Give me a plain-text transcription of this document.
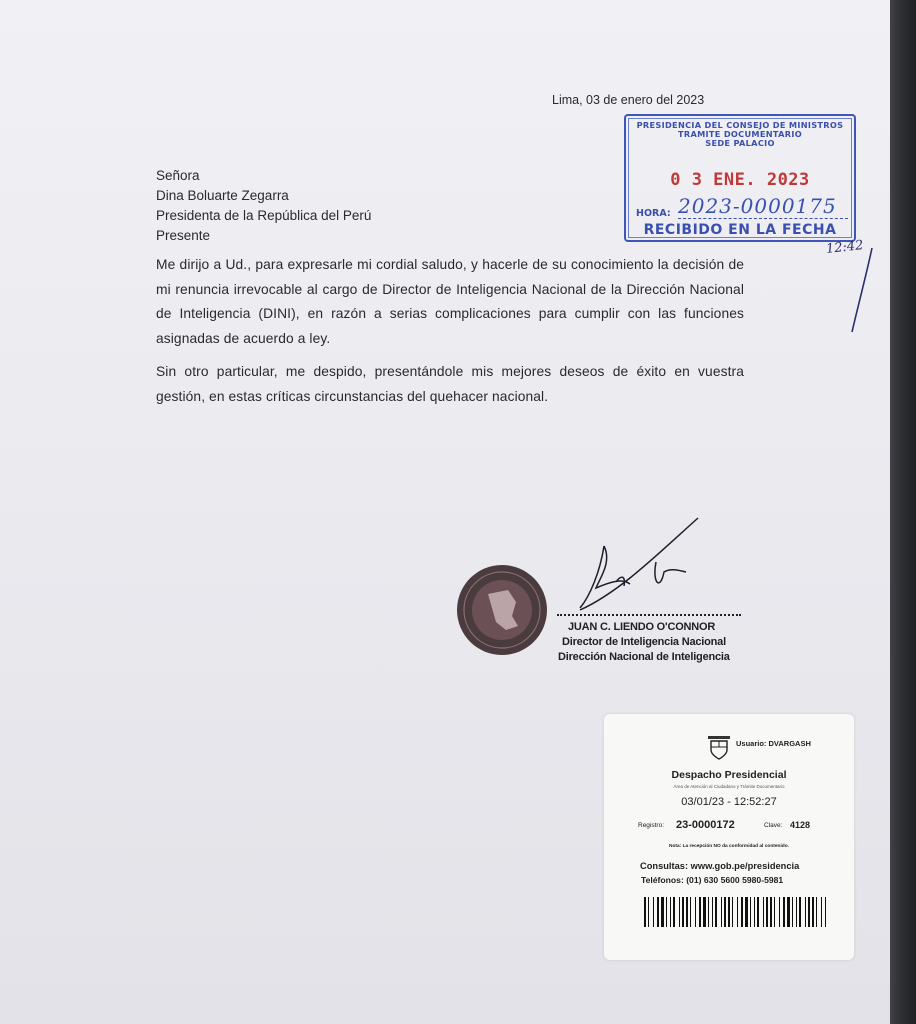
Lima, 03 de enero del 2023
Señora
Dina Boluarte Zegarra
Presidenta de la República del Perú
Presente
Me dirijo a Ud., para expresarle mi cordial saludo, y hacerle de su conocimiento la decisión de mi renuncia irrevocable al cargo de Director de Inteligencia Nacional de la Dirección Nacional de Inteligencia (DINI), en razón a serias complicaciones para cumplir con las funciones asignadas de acuerdo a ley.
Sin otro particular, me despido, presentándole mis mejores deseos de éxito en vuestra gestión, en estas críticas circunstancias del quehacer nacional.
PRESIDENCIA DEL CONSEJO DE MINISTROS
TRAMITE DOCUMENTARIO
SEDE PALACIO
0 3 ENE. 2023
HORA: 2023-0000175
RECIBIDO EN LA FECHA
12:42
JUAN C. LIENDO O'CONNOR
Director de Inteligencia Nacional
Dirección Nacional de Inteligencia
Usuario: DVARGASH
Despacho Presidencial
Área de Atención al Ciudadano y Trámite Documentario
03/01/23 - 12:52:27
Registro: 23-0000172	Clave: 4128
Nota: La recepción NO da conformidad al contenido.
Consultas: www.gob.pe/presidencia
Teléfonos: (01) 630 5600 5980-5981
